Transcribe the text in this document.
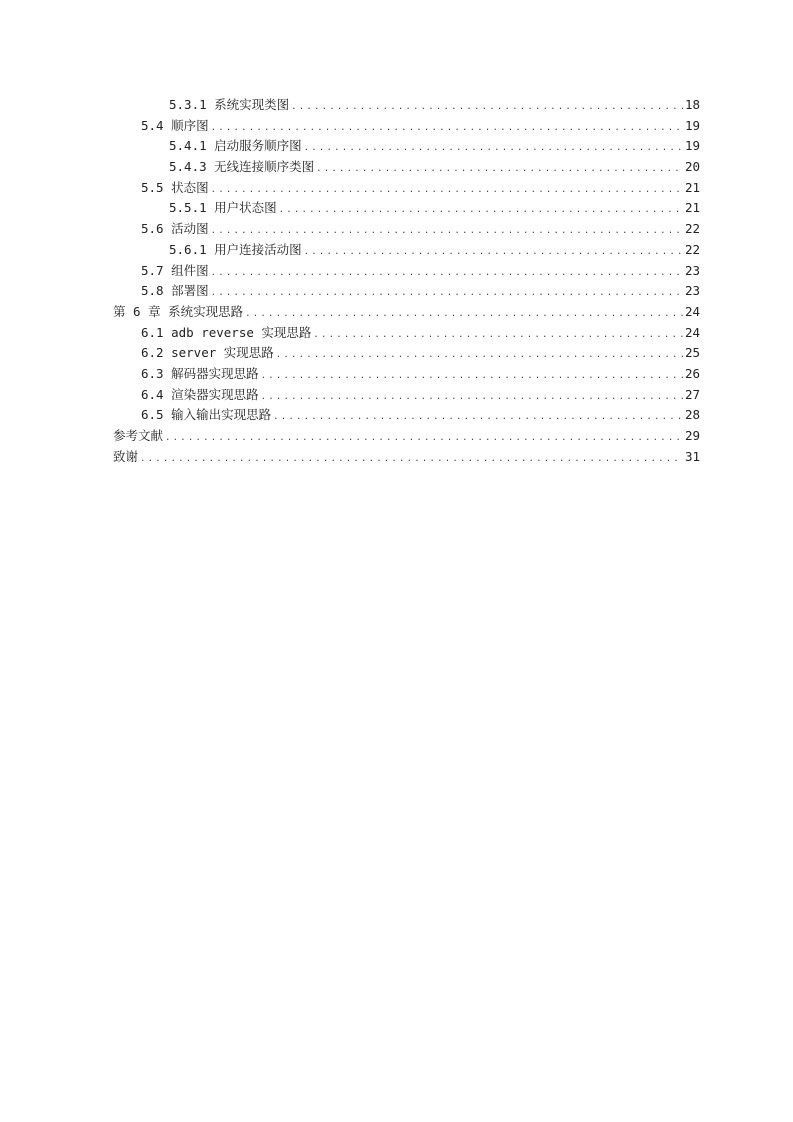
5.3.1 系统实现类图 .....	18
5.4 顺序图 .....	19
5.4.1 启动服务顺序图 .....	19
5.4.3 无线连接顺序类图 .....	20
5.5 状态图 .....	21
5.5.1 用户状态图 .....	21
5.6 活动图 .....	22
5.6.1 用户连接活动图 .....	22
5.7 组件图 .....	23
5.8 部署图 .....	23
第 6 章 系统实现思路 .....	24
6.1 adb reverse 实现思路 .....	24
6.2 server 实现思路 .....	25
6.3 解码器实现思路 .....	26
6.4 渲染器实现思路 .....	27
6.5 输入输出实现思路 .....	28
参考文献 .....	29
致谢 .....	31
